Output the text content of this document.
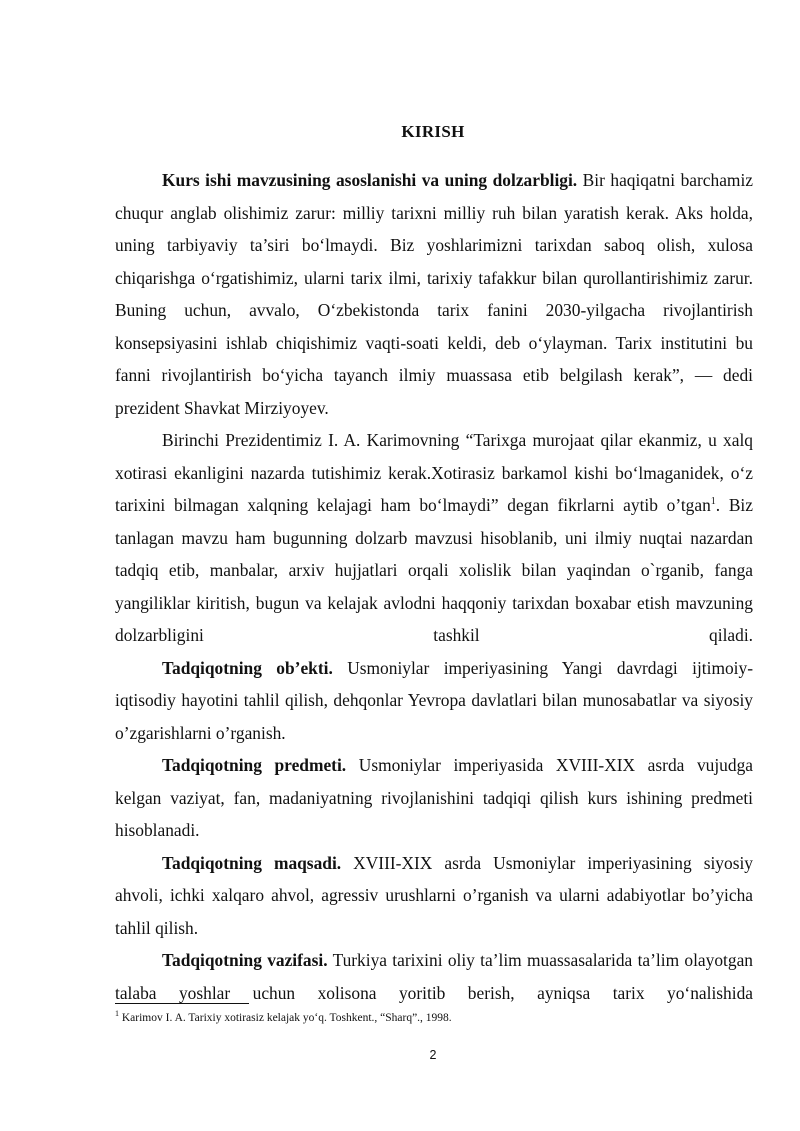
KIRISH

Kurs ishi mavzusining asoslanishi va uning dolzarbligi. Bir haqiqatni barchamiz chuqur anglab olishimiz zarur: milliy tarixni milliy ruh bilan yaratish kerak. Aks holda, uning tarbiyaviy ta’siri bo‘lmaydi. Biz yoshlarimizni tarixdan saboq olish, xulosa chiqarishga o‘rgatishimiz, ularni tarix ilmi, tarixiy tafakkur bilan qurollantirishimiz zarur. Buning uchun, avvalo, O‘zbekistonda tarix fanini 2030-yilgacha rivojlantirish konsepsiyasini ishlab chiqishimiz vaqti-soati keldi, deb o‘ylayman. Tarix institutini bu fanni rivojlantirish bo‘yicha tayanch ilmiy muassasa etib belgilash kerak”, — dedi prezident Shavkat Mirziyoyev.

Birinchi Prezidentimiz I. A. Karimovning “Tarixga murojaat qilar ekanmiz, u xalq xotirasi ekanligini nazarda tutishimiz kerak.Xotirasiz barkamol kishi bo‘lmaganidek, o‘z tarixini bilmagan xalqning kelajagi ham bo‘lmaydi” degan fikrlarni aytib o’tgan$^1$. Biz tanlagan mavzu ham bugunning dolzarb mavzusi hisoblanib, uni ilmiy nuqtai nazardan tadqiq etib, manbalar, arxiv hujjatlari orqali xolislik bilan yaqindan o`rganib, fanga yangiliklar kiritish, bugun va kelajak avlodni haqqoniy tarixdan boxabar etish mavzuning dolzarbligini tashkil qiladi.

Tadqiqotning ob’ekti. Usmoniylar imperiyasining Yangi davrdagi ijtimoiy-iqtisodiy hayotini tahlil qilish, dehqonlar Yevropa davlatlari bilan munosabatlar va siyosiy o’zgarishlarni o’rganish.

Tadqiqotning predmeti. Usmoniylar imperiyasida XVIII-XIX asrda vujudga kelgan vaziyat, fan, madaniyatning rivojlanishini tadqiqi qilish kurs ishining predmeti hisoblanadi.

Tadqiqotning maqsadi. XVIII-XIX asrda Usmoniylar imperiyasining siyosiy ahvoli, ichki xalqaro ahvol, agressiv urushlarni o’rganish va ularni adabiyotlar bo’yicha tahlil qilish.

Tadqiqotning vazifasi. Turkiya tarixini oliy ta’lim muassasalarida ta’lim olayotgan talaba yoshlar uchun xolisona yoritib berish, ayniqsa tarix yo‘nalishida

$^1$ Karimov I. A. Tarixiy xotirasiz kelajak yo‘q. Toshkent., “Sharq”., 1998.
2
